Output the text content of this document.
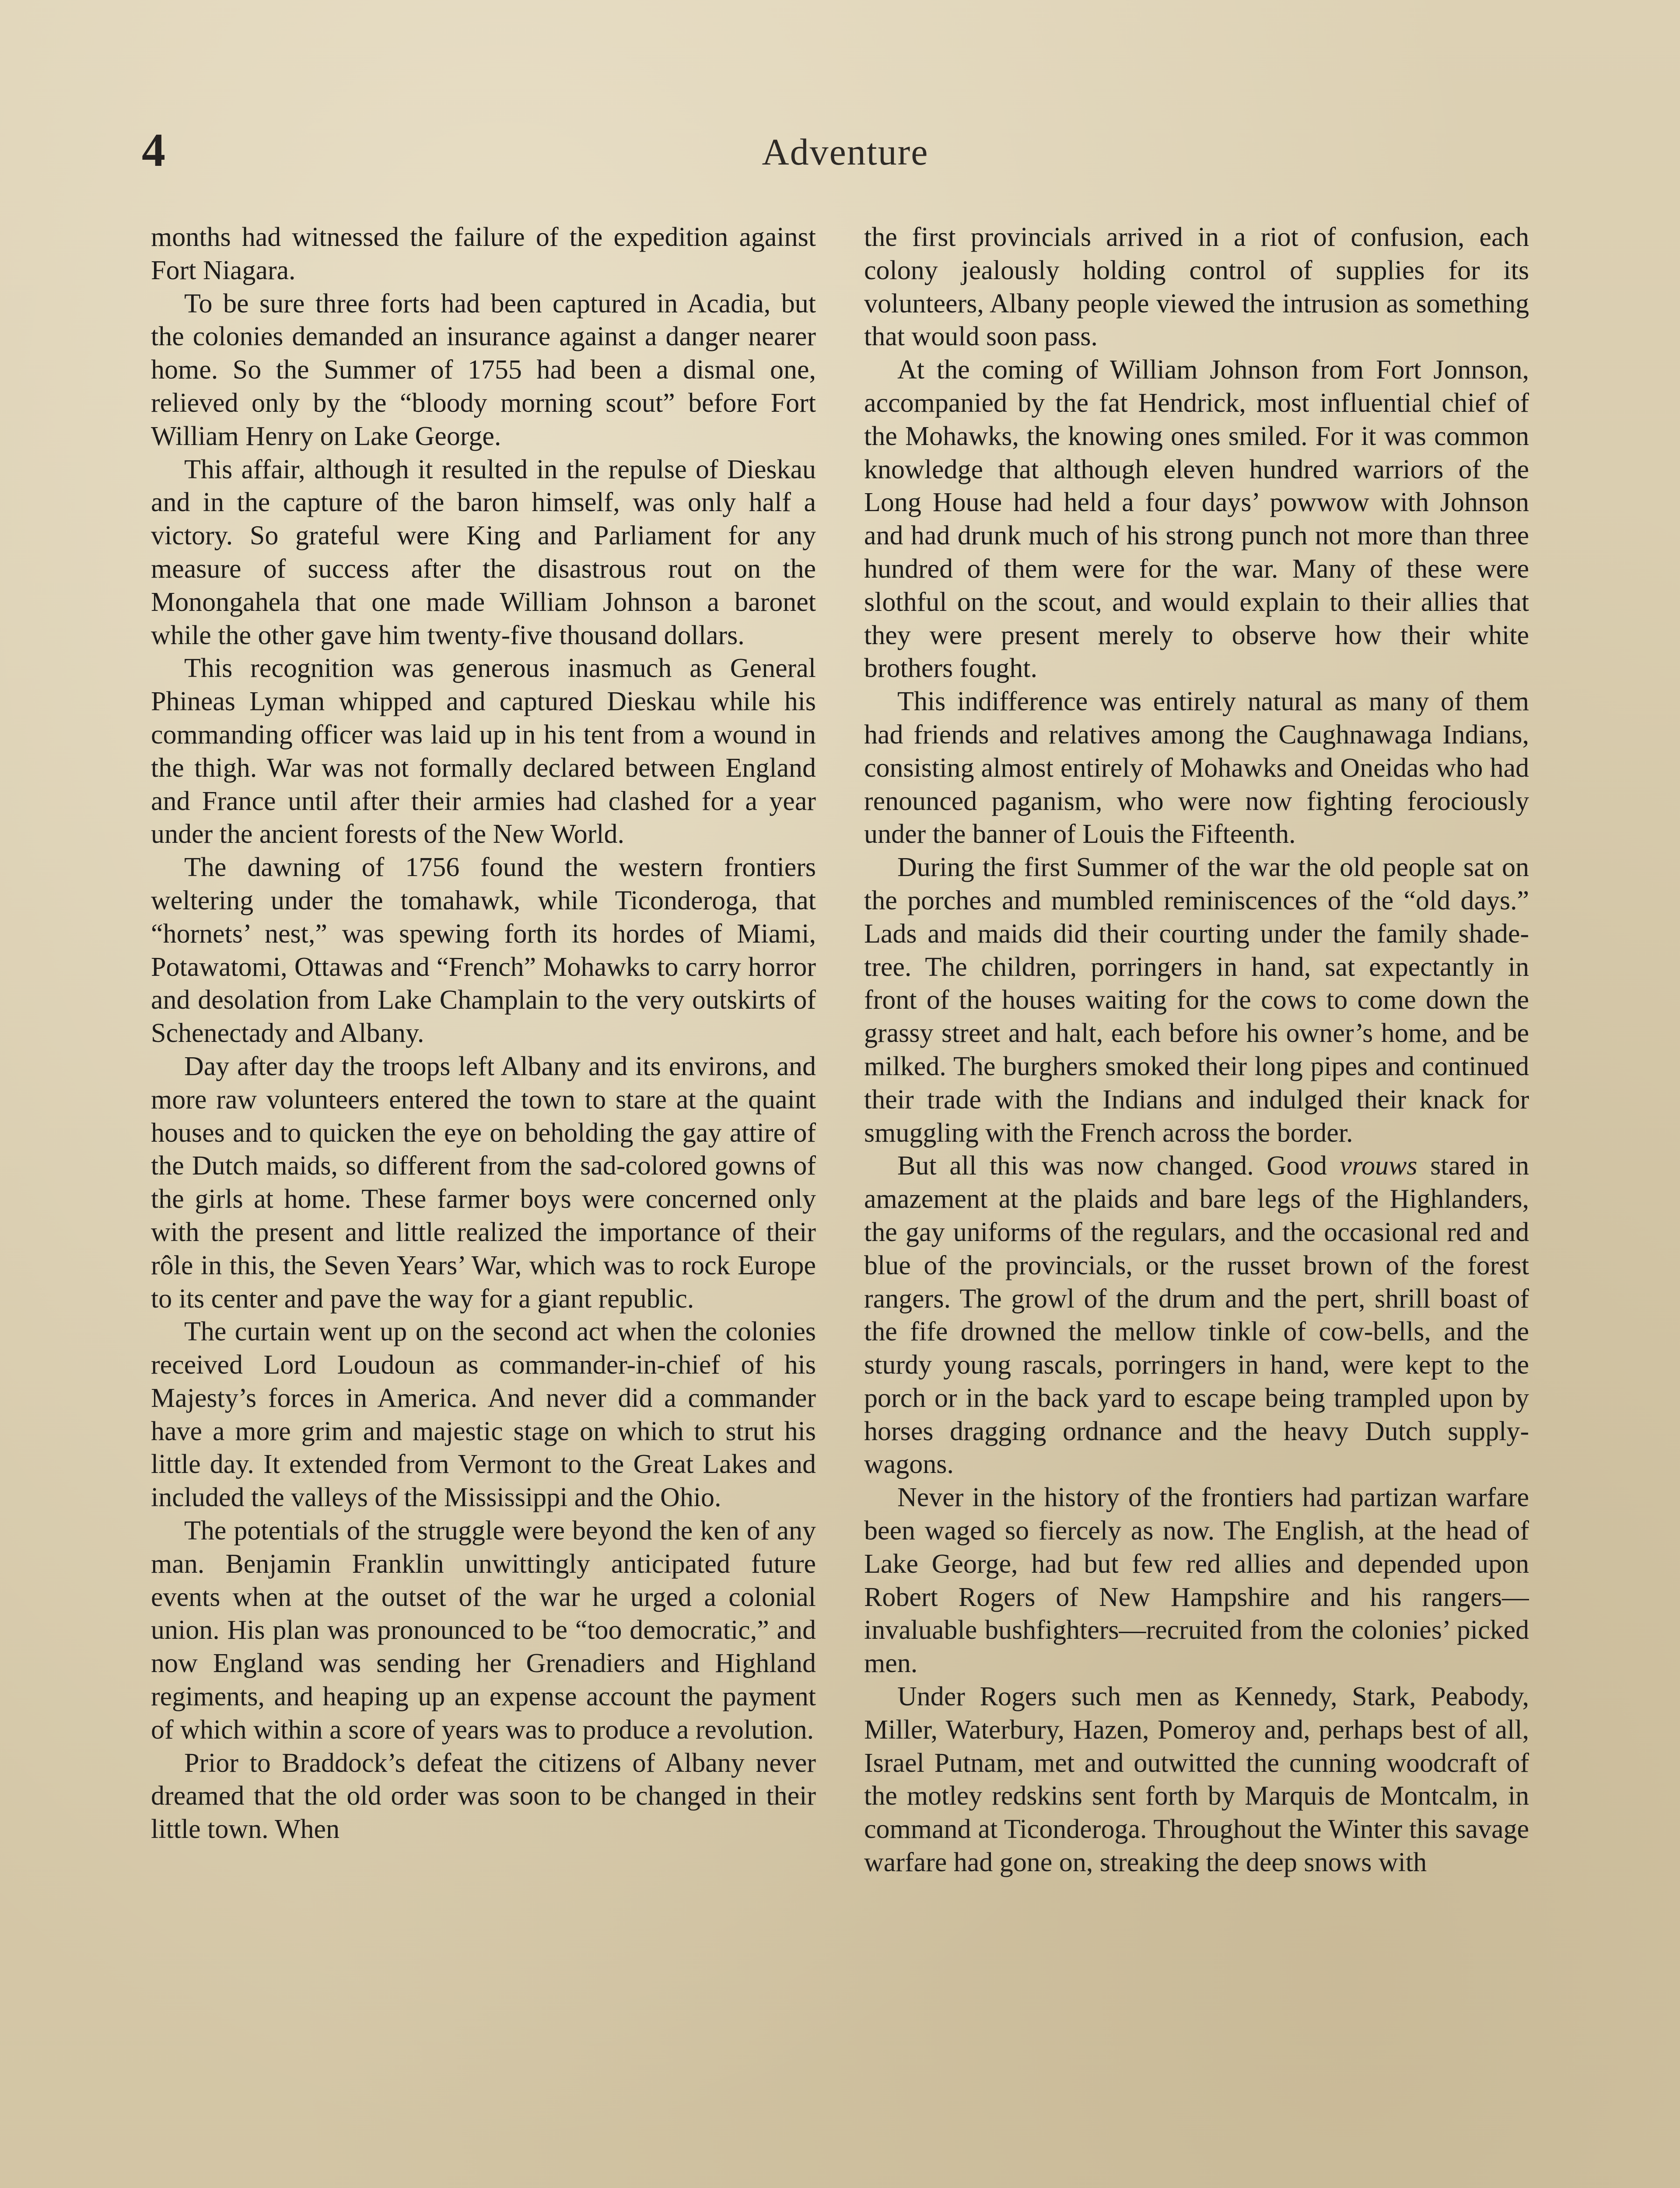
4	Adventure

months had witnessed the failure of the expedition against Fort Niagara.

To be sure three forts had been captured in Acadia, but the colonies demanded an insurance against a danger nearer home. So the Summer of 1755 had been a dismal one, relieved only by the “bloody morning scout” before Fort William Henry on Lake George.

This affair, although it resulted in the repulse of Dieskau and in the capture of the baron himself, was only half a victory. So grateful were King and Parliament for any measure of success after the disastrous rout on the Monongahela that one made William Johnson a baronet while the other gave him twenty-five thousand dollars.

This recognition was generous inasmuch as General Phineas Lyman whipped and captured Dieskau while his commanding officer was laid up in his tent from a wound in the thigh. War was not formally declared between England and France until after their armies had clashed for a year under the ancient forests of the New World.

The dawning of 1756 found the western frontiers weltering under the tomahawk, while Ticonderoga, that “hornets’ nest,” was spewing forth its hordes of Miami, Potawatomi, Ottawas and “French” Mohawks to carry horror and desolation from Lake Champlain to the very outskirts of Schenectady and Albany.

Day after day the troops left Albany and its environs, and more raw volunteers entered the town to stare at the quaint houses and to quicken the eye on beholding the gay attire of the Dutch maids, so different from the sad-colored gowns of the girls at home. These farmer boys were concerned only with the present and little realized the importance of their rôle in this, the Seven Years’ War, which was to rock Europe to its center and pave the way for a giant republic.

The curtain went up on the second act when the colonies received Lord Loudoun as commander-in-chief of his Majesty’s forces in America. And never did a commander have a more grim and majestic stage on which to strut his little day. It extended from Vermont to the Great Lakes and included the valleys of the Mississippi and the Ohio.

The potentials of the struggle were beyond the ken of any man. Benjamin Franklin unwittingly anticipated future events when at the outset of the war he urged a colonial union. His plan was pronounced to be “too democratic,” and now England was sending her Grenadiers and Highland regiments, and heaping up an expense account the payment of which within a score of years was to produce a revolution.

Prior to Braddock’s defeat the citizens of Albany never dreamed that the old order was soon to be changed in their little town. When

the first provincials arrived in a riot of confusion, each colony jealously holding control of supplies for its volunteers, Albany people viewed the intrusion as something that would soon pass.

At the coming of William Johnson from Fort Jonnson, accompanied by the fat Hendrick, most influential chief of the Mohawks, the knowing ones smiled. For it was common knowledge that although eleven hundred warriors of the Long House had held a four days’ powwow with Johnson and had drunk much of his strong punch not more than three hundred of them were for the war. Many of these were slothful on the scout, and would explain to their allies that they were present merely to observe how their white brothers fought.

This indifference was entirely natural as many of them had friends and relatives among the Caughnawaga Indians, consisting almost entirely of Mohawks and Oneidas who had renounced paganism, who were now fighting ferociously under the banner of Louis the Fifteenth.

During the first Summer of the war the old people sat on the porches and mumbled reminiscences of the “old days.” Lads and maids did their courting under the family shade-tree. The children, porringers in hand, sat expectantly in front of the houses waiting for the cows to come down the grassy street and halt, each before his owner’s home, and be milked. The burghers smoked their long pipes and continued their trade with the Indians and indulged their knack for smuggling with the French across the border.

But all this was now changed. Good vrouws stared in amazement at the plaids and bare legs of the Highlanders, the gay uniforms of the regulars, and the occasional red and blue of the provincials, or the russet brown of the forest rangers. The growl of the drum and the pert, shrill boast of the fife drowned the mellow tinkle of cow-bells, and the sturdy young rascals, porringers in hand, were kept to the porch or in the back yard to escape being trampled upon by horses dragging ordnance and the heavy Dutch supply-wagons.

Never in the history of the frontiers had partizan warfare been waged so fiercely as now. The English, at the head of Lake George, had but few red allies and depended upon Robert Rogers of New Hampshire and his rangers—invaluable bushfighters—recruited from the colonies’ picked men.

Under Rogers such men as Kennedy, Stark, Peabody, Miller, Waterbury, Hazen, Pomeroy and, perhaps best of all, Israel Putnam, met and outwitted the cunning woodcraft of the motley redskins sent forth by Marquis de Montcalm, in command at Ticonderoga. Throughout the Winter this savage warfare had gone on, streaking the deep snows with
